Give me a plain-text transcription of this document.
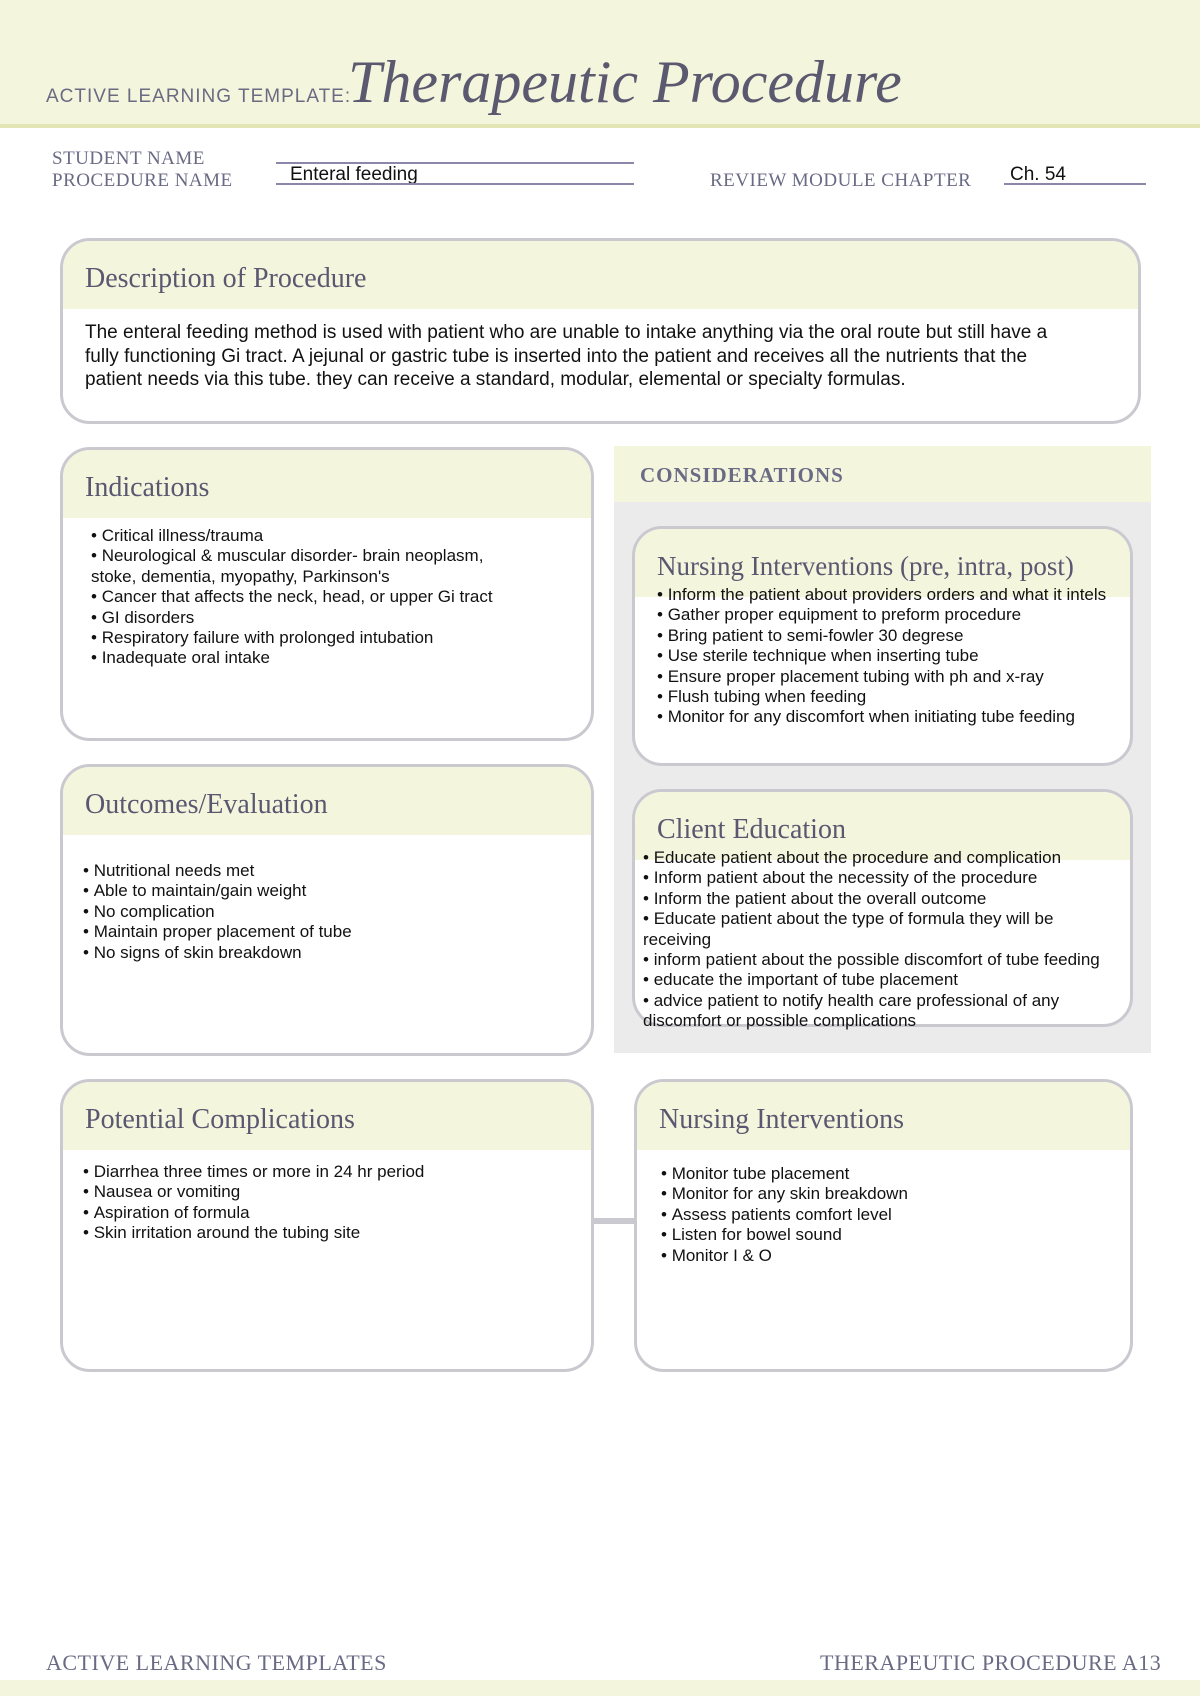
ACTIVE LEARNING TEMPLATE:
Therapeutic Procedure
STUDENT NAME
PROCEDURE NAME	Enteral feeding	REVIEW MODULE CHAPTER Ch. 54
Description of Procedure

The enteral feeding method is used with patient who are unable to intake anything via the oral route but still have a fully functioning Gi tract. A jejunal or gastric tube is inserted into the patient and receives all the nutrients that the patient needs via this tube. they can receive a standard, modular, elemental or specialty formulas.

Indications
• Critical illness/trauma
• Neurological & muscular disorder- brain neoplasm, stoke, dementia, myopathy, Parkinson's
• Cancer that affects the neck, head, or upper Gi tract
• GI disorders
• Respiratory failure with prolonged intubation
• Inadequate oral intake
Outcomes/Evaluation
• Nutritional needs met
• Able to maintain/gain weight
• No complication
• Maintain proper placement of tube
• No signs of skin breakdown
CONSIDERATIONS
Nursing Interventions (pre, intra, post)
• Inform the patient about providers orders and what it intels
• Gather proper equipment to preform procedure
• Bring patient to semi-fowler 30 degrese
• Use sterile technique when inserting tube
• Ensure proper placement tubing with ph and x-ray
• Flush tubing when feeding
• Monitor for any discomfort when initiating tube feeding
Client Education
• Educate patient about the procedure and complication
• Inform patient about the necessity of the procedure
• Inform the patient about the overall outcome
• Educate patient about the type of formula they will be receiving
• inform patient about the possible discomfort of tube feeding
• educate the important of tube placement
• advice patient to notify health care professional of any discomfort or possible complications
Potential Complications
• Diarrhea three times or more in 24 hr period
• Nausea or vomiting
• Aspiration of formula
• Skin irritation around the tubing site
Nursing Interventions
• Monitor tube placement
• Monitor for any skin breakdown
• Assess patients comfort level
• Listen for bowel sound
• Monitor I & O
ACTIVE LEARNING TEMPLATES	THERAPEUTIC PROCEDURE A13
